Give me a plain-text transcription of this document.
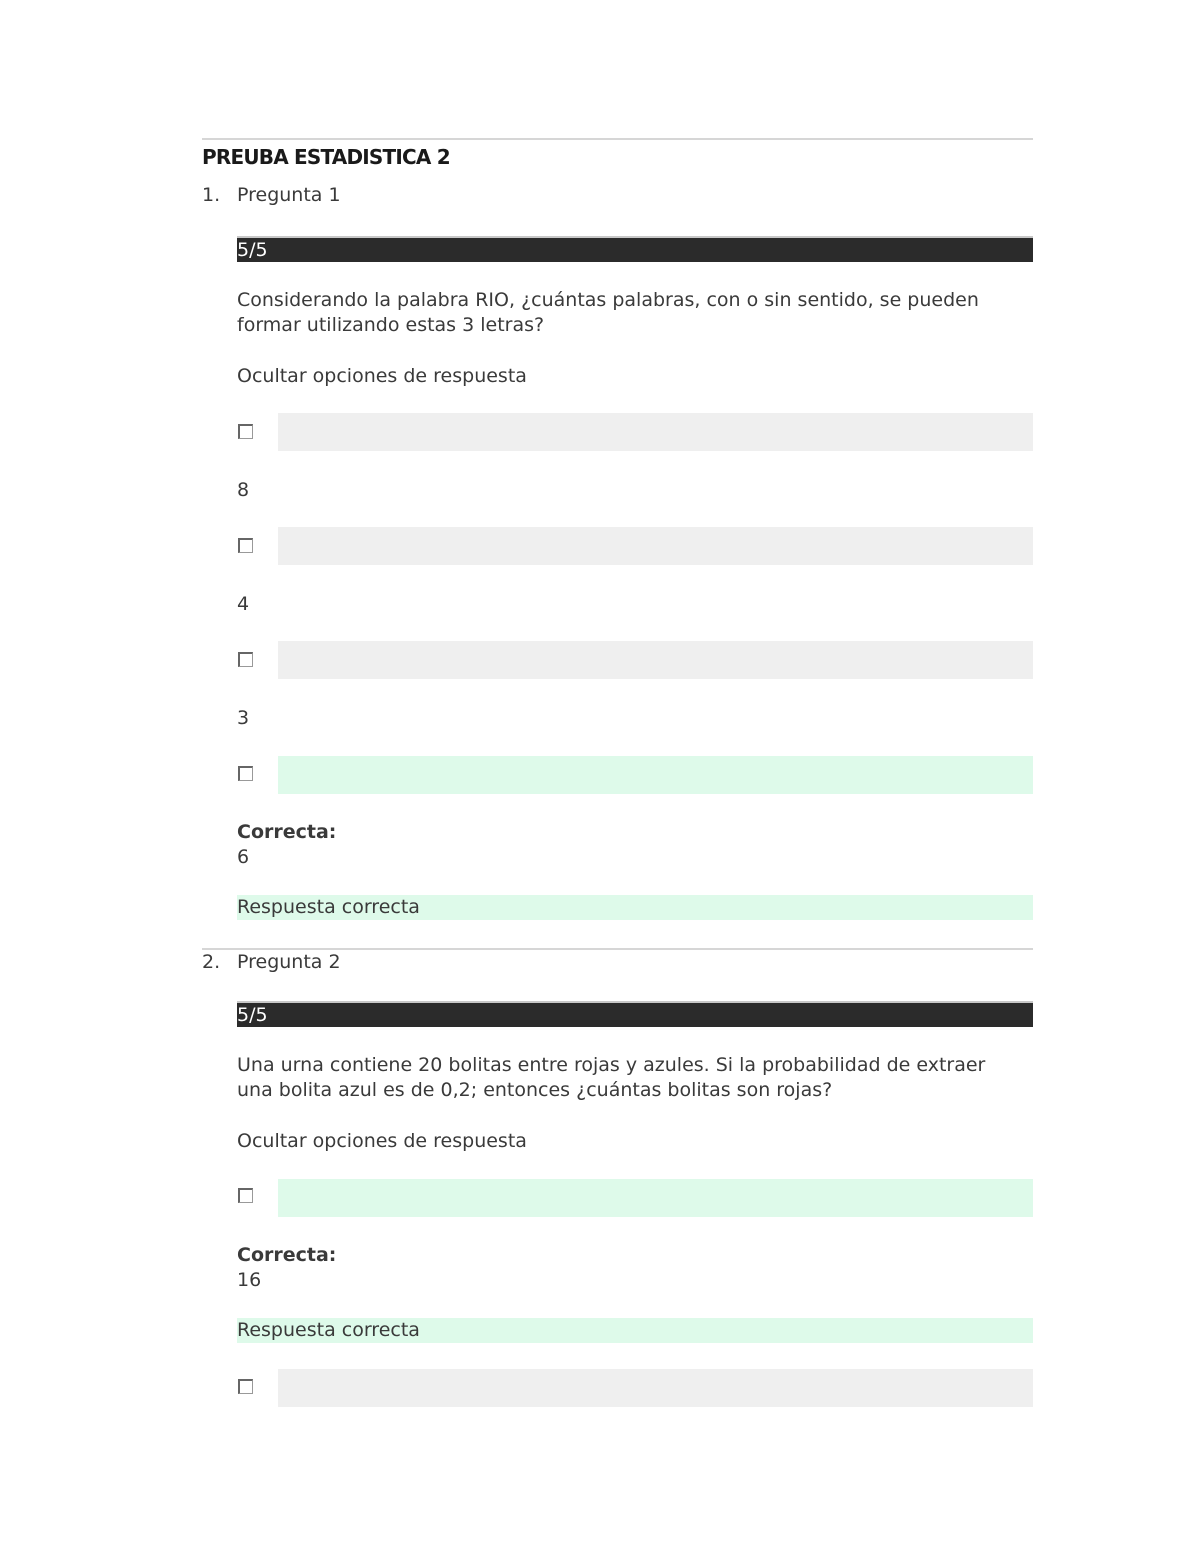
PREUBA ESTADISTICA 2
1. Pregunta 1
5/5
Considerando la palabra RIO, ¿cuántas palabras, con o sin sentido, se pueden formar utilizando estas 3 letras?
Ocultar opciones de respuesta
8
4
3
Correcta:
6
Respuesta correcta
2. Pregunta 2
5/5
Una urna contiene 20 bolitas entre rojas y azules. Si la probabilidad de extraer una bolita azul es de 0,2; entonces ¿cuántas bolitas son rojas?
Ocultar opciones de respuesta
Correcta:
16
Respuesta correcta
